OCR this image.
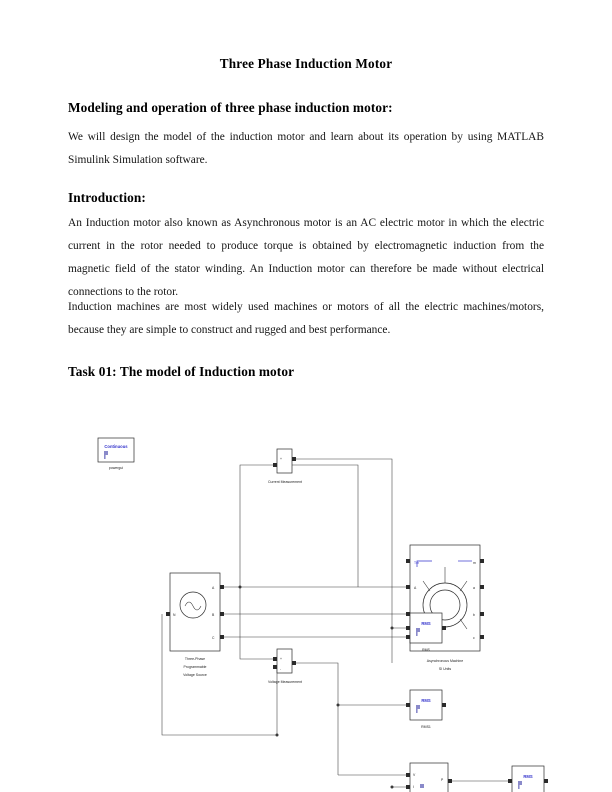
Three Phase Induction Motor
Modeling and operation of three phase induction motor:
We will design the model of the induction motor and learn about its operation by using MATLAB Simulink Simulation software.
Introduction:
An Induction motor also known as Asynchronous motor is an AC electric motor in which the electric current in the rotor needed to produce torque is obtained by electromagnetic induction from the magnetic field of the stator winding. An Induction motor can therefore be made without electrical connections to the rotor.
Induction machines are most widely used machines or motors of all the electric machines/motors, because they are simple to construct and rugged and best performance.
Task 01: The model of Induction motor
Continuous
powergui
N
A
B
C
Three-Phase
Programmable
Voltage Source
+
Current Measurement
+
-
Voltage Measurement
Tm	m
A	a
b
c
Asynchronous Machine
SI Units
RMS
RMS
RMS
RMS1
V
I
P
RMS
